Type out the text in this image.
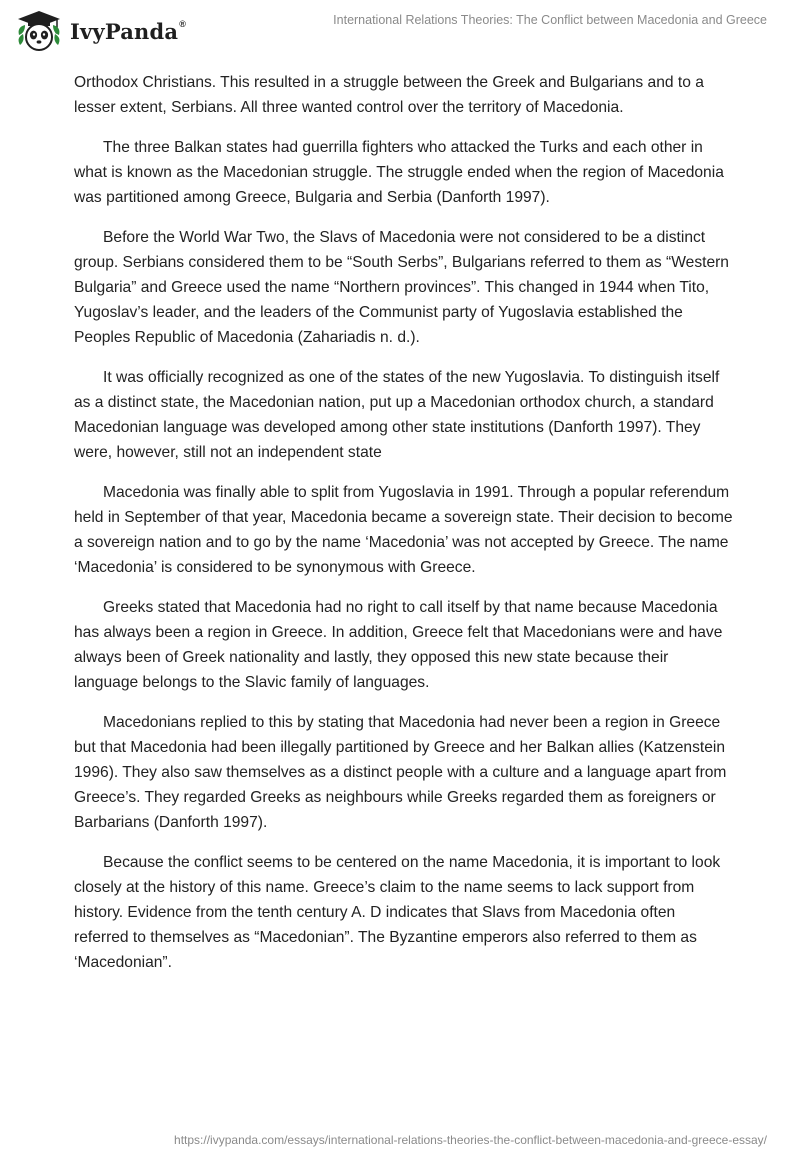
IvyPanda®	International Relations Theories: The Conflict between Macedonia and Greece

Orthodox Christians. This resulted in a struggle between the Greek and Bulgarians and to a lesser extent, Serbians. All three wanted control over the territory of Macedonia.

The three Balkan states had guerrilla fighters who attacked the Turks and each other in what is known as the Macedonian struggle. The struggle ended when the region of Macedonia was partitioned among Greece, Bulgaria and Serbia (Danforth 1997).

Before the World War Two, the Slavs of Macedonia were not considered to be a distinct group. Serbians considered them to be “South Serbs”, Bulgarians referred to them as “Western Bulgaria” and Greece used the name “Northern provinces”. This changed in 1944 when Tito, Yugoslav’s leader, and the leaders of the Communist party of Yugoslavia established the Peoples Republic of Macedonia (Zahariadis n. d.).

It was officially recognized as one of the states of the new Yugoslavia. To distinguish itself as a distinct state, the Macedonian nation, put up a Macedonian orthodox church, a standard Macedonian language was developed among other state institutions (Danforth 1997). They were, however, still not an independent state

Macedonia was finally able to split from Yugoslavia in 1991. Through a popular referendum held in September of that year, Macedonia became a sovereign state. Their decision to become a sovereign nation and to go by the name ‘Macedonia’ was not accepted by Greece. The name ‘Macedonia’ is considered to be synonymous with Greece.

Greeks stated that Macedonia had no right to call itself by that name because Macedonia has always been a region in Greece. In addition, Greece felt that Macedonians were and have always been of Greek nationality and lastly, they opposed this new state because their language belongs to the Slavic family of languages.

Macedonians replied to this by stating that Macedonia had never been a region in Greece but that Macedonia had been illegally partitioned by Greece and her Balkan allies (Katzenstein 1996). They also saw themselves as a distinct people with a culture and a language apart from Greece’s. They regarded Greeks as neighbours while Greeks regarded them as foreigners or Barbarians (Danforth 1997).

Because the conflict seems to be centered on the name Macedonia, it is important to look closely at the history of this name. Greece’s claim to the name seems to lack support from history. Evidence from the tenth century A. D indicates that Slavs from Macedonia often referred to themselves as “Macedonian”. The Byzantine emperors also referred to them as ‘Macedonian”.

https://ivypanda.com/essays/international-relations-theories-the-conflict-between-macedonia-and-greece-essay/
